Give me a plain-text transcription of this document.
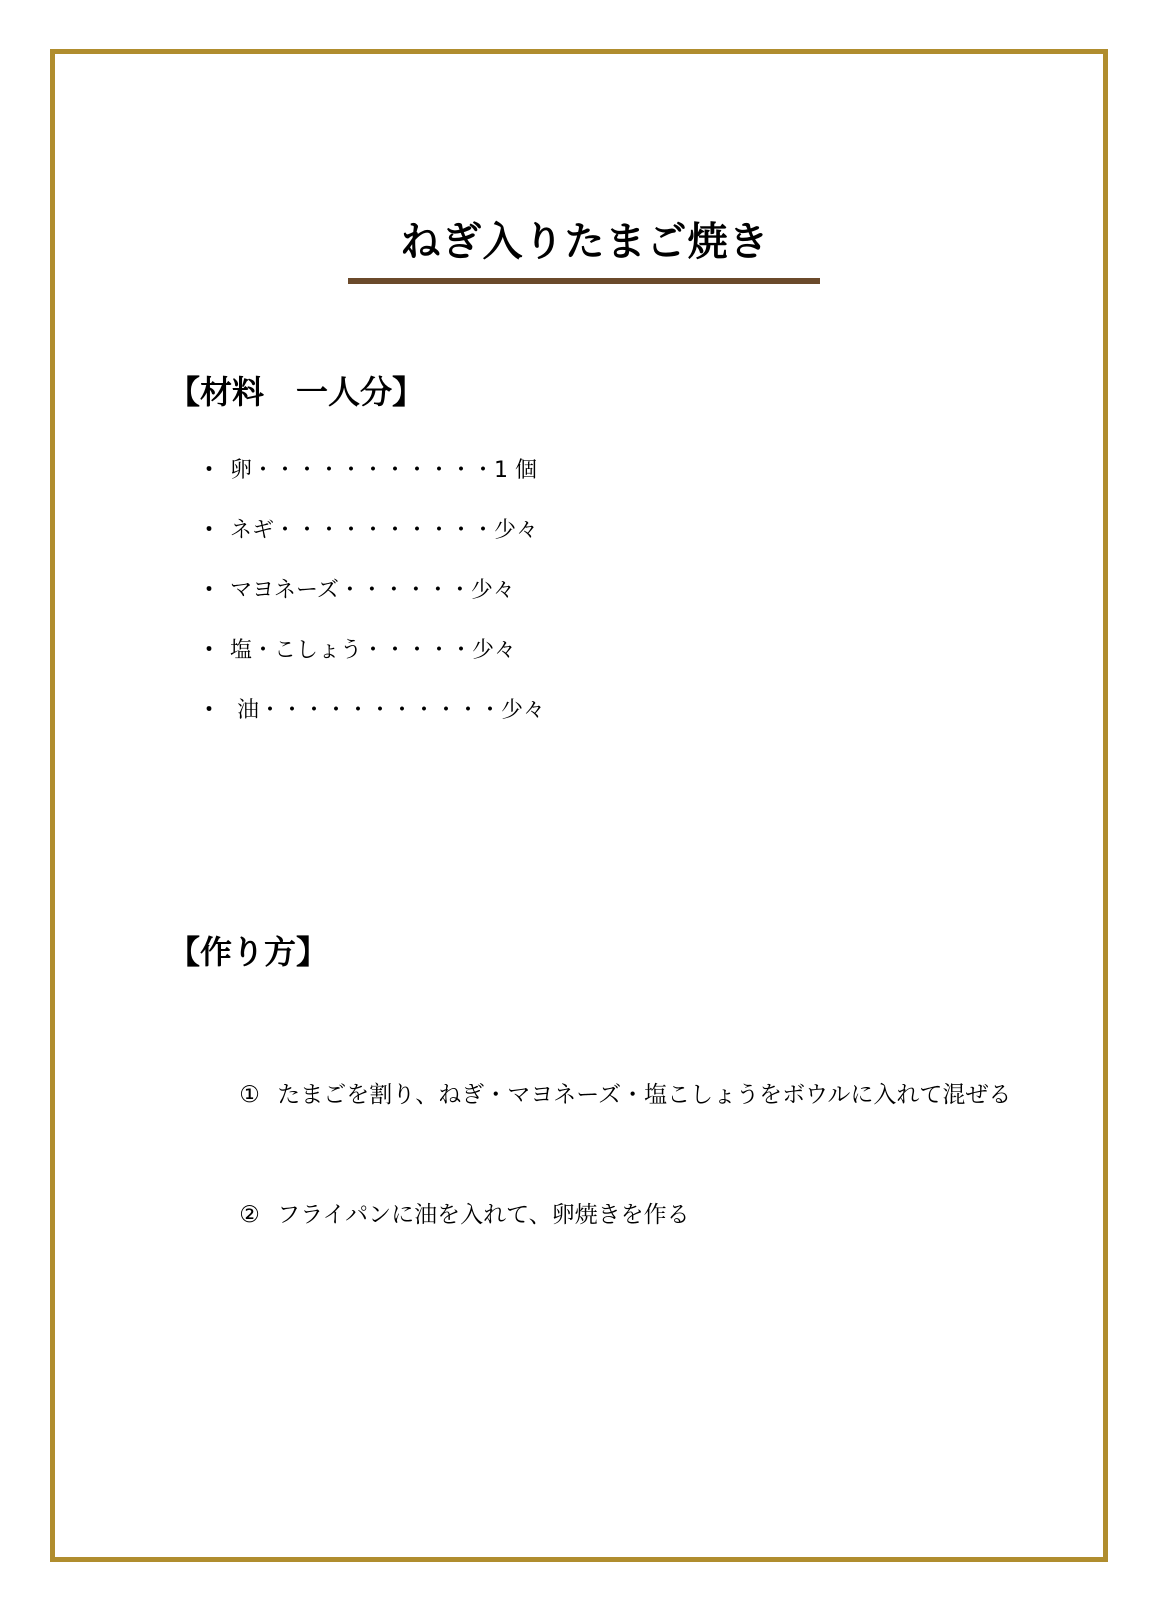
ねぎ入りたまご焼き
【材料　一人分】
・ 卵・・・・・・・・・・・1 個
・ ネギ・・・・・・・・・・少々
・ マヨネーズ・・・・・・少々
・ 塩・こしょう・・・・・少々
・ 油・・・・・・・・・・・少々
【作り方】

① たまごを割り、ねぎ・マヨネーズ・塩こしょうをボウルに入れて混ぜる

② フライパンに油を入れて、卵焼きを作る
